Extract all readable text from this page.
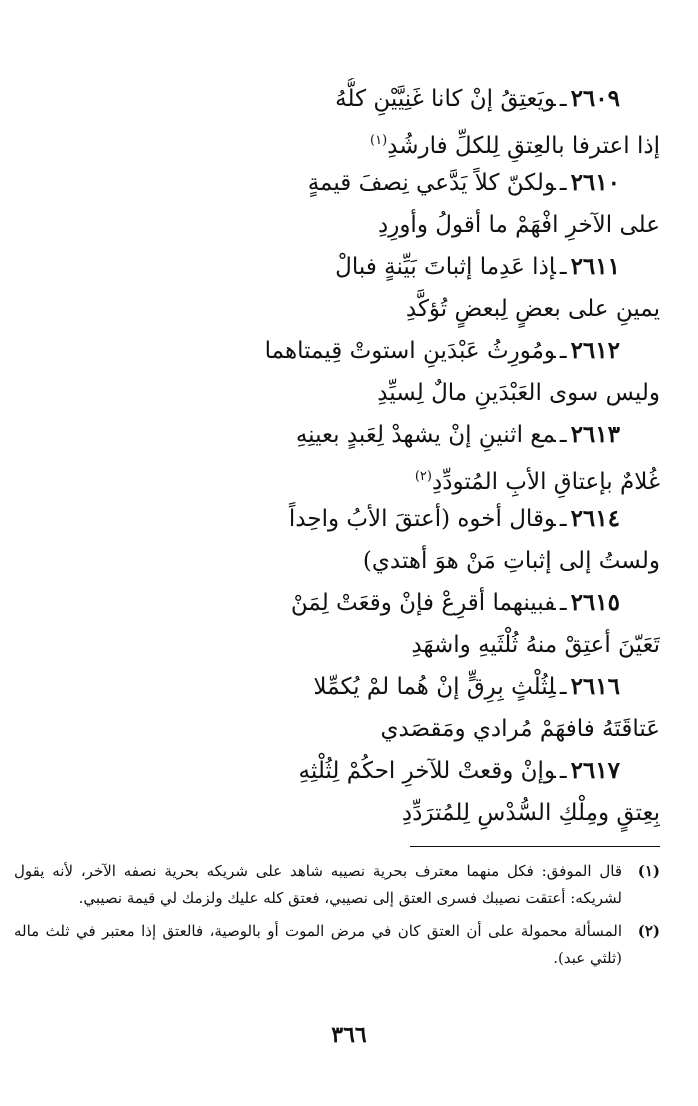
٢٦٠٩ـويَعتِقُ إنْ كانا غَنِيَّيْنِ كلُّهُ

إذا اعترفا بالعِتقِ لِلكلِّ فارشُدِ$^{(١)}$

٢٦١٠ـولكنّ كلاً يَدَّعي نِصفَ قيمةٍ

على الآخرِ افْهَمْ ما أقولُ وأورِدِ

٢٦١١ـإذا عَدِما إثباتَ بَيِّنةٍ فبالْ

يمينِ على بعضٍ لِبعضٍ تُؤكَّدِ

٢٦١٢ـومُورِثُ عَبْدَينِ استوتْ قِيمتاهما

وليس سوى العَبْدَينِ مالٌ لِسيِّدِ

٢٦١٣ـمع اثنينِ إنْ يشهدْ لِعَبدٍ بعينِهِ

غُلامٌ بإعتاقِ الأبِ المُتودِّدِ$^{(٢)}$

٢٦١٤ـوقال أخوه (أعتقَ الأبُ واحِداً

ولستُ إلى إثباتِ مَنْ هوَ أهتدي)

٢٦١٥ـفبينهما أقرِعْ فإنْ وقعَتْ لِمَنْ

تَعَيّنَ أعتِقْ منهُ ثُلْثَيهِ واشهَدِ

٢٦١٦ـلِثُلْثٍ بِرِقٍّ إنْ هُما لمْ يُكمِّلا

عَتاقَتَهُ فافهَمْ مُرادي ومَقصَدي

٢٦١٧ـوإنْ وقعتْ للآخرِ احكُمْ لِثُلْثِهِ

بِعِتقٍ ومِلْكِ السُّدْسِ لِلمُترَدِّدِ

(١)
قال الموفق: فكل منهما معترف بحرية نصيبه شاهد على شريكه بحرية نصفه الآخر، لأنه يقول لشريكه: أعتقت نصيبك فسرى العتق إلى نصيبي، فعتق كله عليك ولزمك لي قيمة نصيبي.
(٢)
المسألة محمولة على أن العتق كان في مرض الموت أو بالوصية، فالعتق إذا معتبر في ثلث ماله (ثلثي عبد).
٣٦٦
